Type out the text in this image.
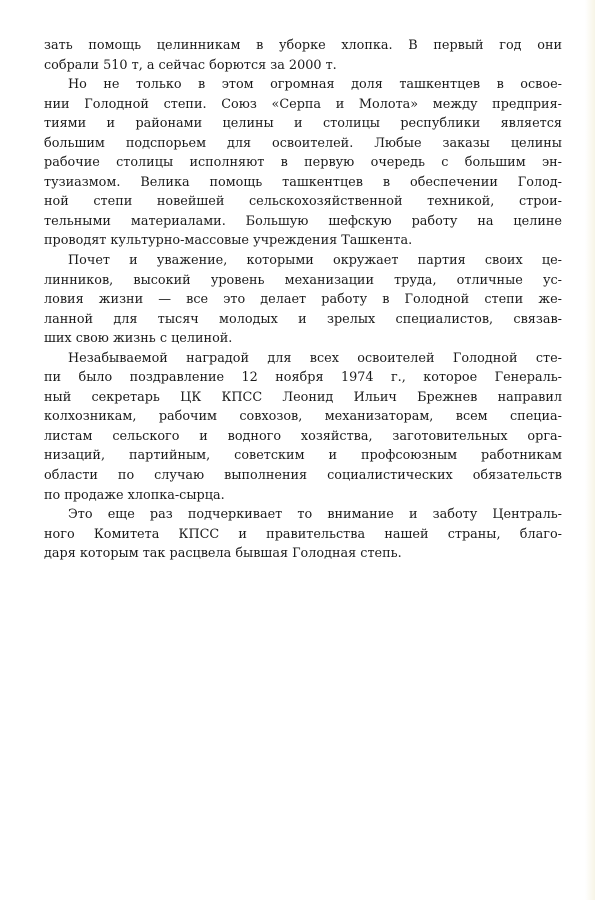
зать помощь целинникам в уборке хлопка. В первый год они
собрали 510 т, а сейчас борются за 2000 т.
Но не только в этом огромная доля ташкентцев в освое-
нии Голодной степи. Союз «Серпа и Молота» между предприя-
тиями и районами целины и столицы республики является
большим подспорьем для освоителей. Любые заказы целины
рабочие столицы исполняют в первую очередь с большим эн-
тузиазмом. Велика помощь ташкентцев в обеспечении Голод-
ной степи новейшей сельскохозяйственной техникой, строи-
тельными материалами. Большую шефскую работу на целине
проводят культурно-массовые учреждения Ташкента.
Почет и уважение, которыми окружает партия своих це-
линников, высокий уровень механизации труда, отличные ус-
ловия жизни — все это делает работу в Голодной степи же-
ланной для тысяч молодых и зрелых специалистов, связав-
ших свою жизнь с целиной.
Незабываемой наградой для всех освоителей Голодной сте-
пи было поздравление 12 ноября 1974 г., которое Генераль-
ный секретарь ЦК КПСС Леонид Ильич Брежнев направил
колхозникам, рабочим совхозов, механизаторам, всем специа-
листам сельского и водного хозяйства, заготовительных орга-
низаций, партийным, советским и профсоюзным работникам
области по случаю выполнения социалистических обязательств
по продаже хлопка-сырца.
Это еще раз подчеркивает то внимание и заботу Централь-
ного Комитета КПСС и правительства нашей страны, благо-
даря которым так расцвела бывшая Голодная степь.
